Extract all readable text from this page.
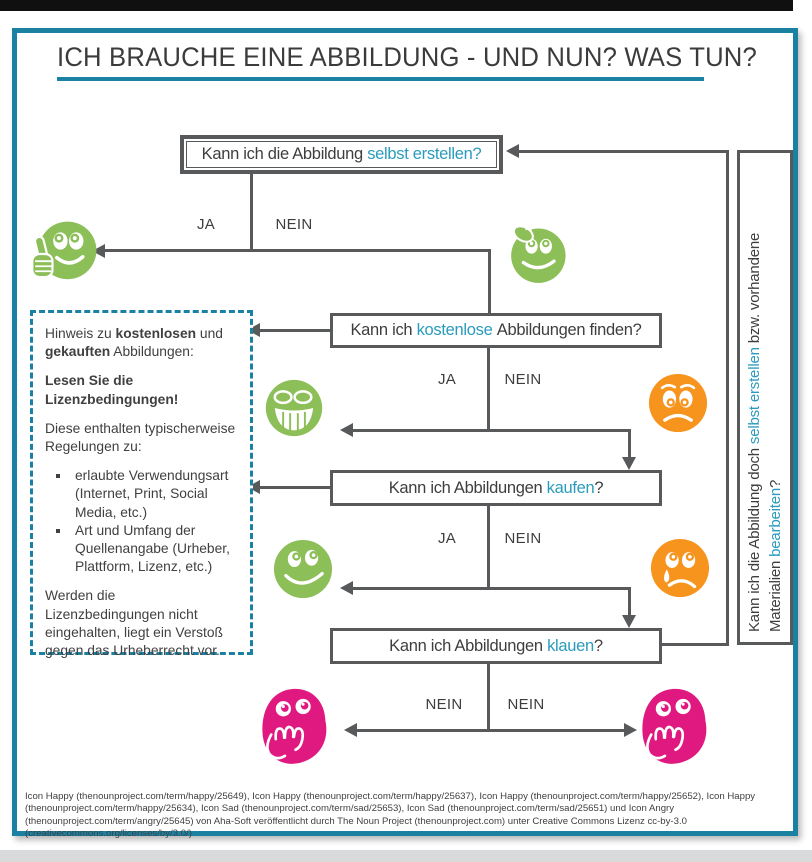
ICH BRAUCHE EINE ABBILDUNG - UND NUN? WAS TUN?
Kann ich die Abbildung selbst erstellen?
Kann ich kostenlose Abbildungen finden?
Kann ich Abbildungen kaufen ?
Kann ich Abbildungen klauen ?
JA	NEIN
JA	NEIN
JA	NEIN
NEIN	NEIN

Hinweis zu kostenlosen und gekauften Abbildungen:

Lesen Sie die Lizenzbedingungen!

Diese enthalten typischerweise Regelungen zu:

▪ erlaubte Verwendungsart (Internet, Print, Social Media, etc.)
▪ Art und Umfang der Quellenangabe (Urheber, Plattform, Lizenz, etc.)

Werden die Lizenzbedingungen nicht eingehalten, liegt ein Verstoß gegen das Urheberrecht vor.

Kann ich die Abbildung doch selbst erstellen bzw. vorhandene
Materialien bearbeiten?

Icon Happy (thenounproject.com/term/happy/25649), Icon Happy (thenounproject.com/term/happy/25637), Icon Happy (thenounproject.com/term/happy/25652), Icon Happy (thenounproject.com/term/happy/25634), Icon Sad (thenounproject.com/term/sad/25653), Icon Sad (thenounproject.com/term/sad/25651) und Icon Angry (thenounproject.com/term/angry/25645) von Aha-Soft veröffentlicht durch The Noun Project (thenounproject.com) unter Creative Commons Lizenz cc-by-3.0 (creativecommons.org/licenses/by/3.0/)
